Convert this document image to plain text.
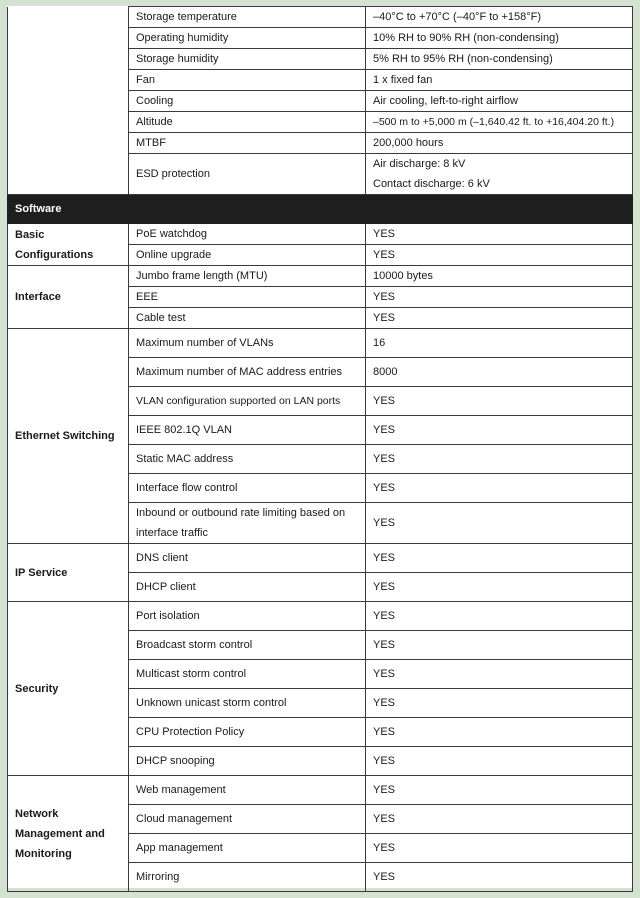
	Storage temperature	–40°C to +70°C (–40°F to +158°F)
	Operating humidity	10% RH to 90% RH (non-condensing)
	Storage humidity	5% RH to 95% RH (non-condensing)
	Fan	1 x fixed fan
	Cooling	Air cooling, left-to-right airflow
	Altitude	–500 m to +5,000 m (–1,640.42 ft. to +16,404.20 ft.)
	MTBF	200,000 hours
	ESD protection	Air discharge: 8 kV
Contact discharge: 6 kV

Software		
Basic Configurations	PoE watchdog	YES
	Online upgrade	YES
Interface	Jumbo frame length (MTU)	10000 bytes
	EEE	YES
	Cable test	YES
Ethernet Switching	Maximum number of VLANs	16
	Maximum number of MAC address entries	8000
	VLAN configuration supported on LAN ports	YES
	IEEE 802.1Q VLAN	YES
	Static MAC address	YES
	Interface flow control	YES
	Inbound or outbound rate limiting based on interface traffic	YES
IP Service	DNS client	YES
	DHCP client	YES
Security	Port isolation	YES
	Broadcast storm control	YES
	Multicast storm control	YES
	Unknown unicast storm control	YES
	CPU Protection Policy	YES
	DHCP snooping	YES

Network
Management and
Monitoring	Web management	YES
	Cloud management	YES
	App management	YES
	Mirroring	YES
